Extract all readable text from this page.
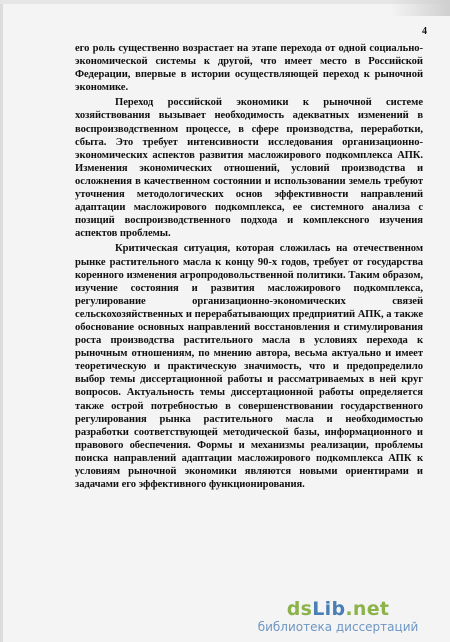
4

его роль существенно возрастает на этапе перехода от одной социально-экономической системы к другой, что имеет место в Российской Федерации, впервые в истории осуществляющей переход к рыночной экономике.

Переход российской экономики к рыночной системе хозяйствования вызывает необходимость адекватных изменений в воспроизводственном процессе, в сфере производства, переработки, сбыта. Это требует интенсивности исследования организационно-экономических аспектов развития масложирового подкомплекса АПК. Изменения экономических отношений, условий производства и осложнения в качественном состоянии и использовании земель требуют уточнения методологических основ эффективности направлений адаптации масложирового подкомплекса, ее системного анализа с позиций воспроизводственного подхода и комплексного изучения аспектов проблемы.

Критическая ситуация, которая сложилась на отечественном рынке растительного масла к концу 90-х годов, требует от государства коренного изменения агропродовольственной политики. Таким образом, изучение состояния и развития масложирового подкомплекса, регулирование организационно-экономических связей сельскохозяйственных и перерабатывающих предприятий АПК, а также обоснование основных направлений восстановления и стимулирования роста производства растительного масла в условиях перехода к рыночным отношениям, по мнению автора, весьма актуально и имеет теоретическую и практическую значимость, что и предопределило выбор темы диссертационной работы и рассматриваемых в ней круг вопросов. Актуальность темы диссертационной работы определяется также острой потребностью в совершенствовании государственного регулирования рынка растительного масла и необходимостью разработки соответствующей методической базы, информационного и правового обеспечения. Формы и механизмы реализации, проблемы поиска направлений адаптации масложирового подкомплекса АПК к условиям рыночной экономики являются новыми ориентирами и задачами его эффективного функционирования.

dsLib.net
библиотека диссертаций
